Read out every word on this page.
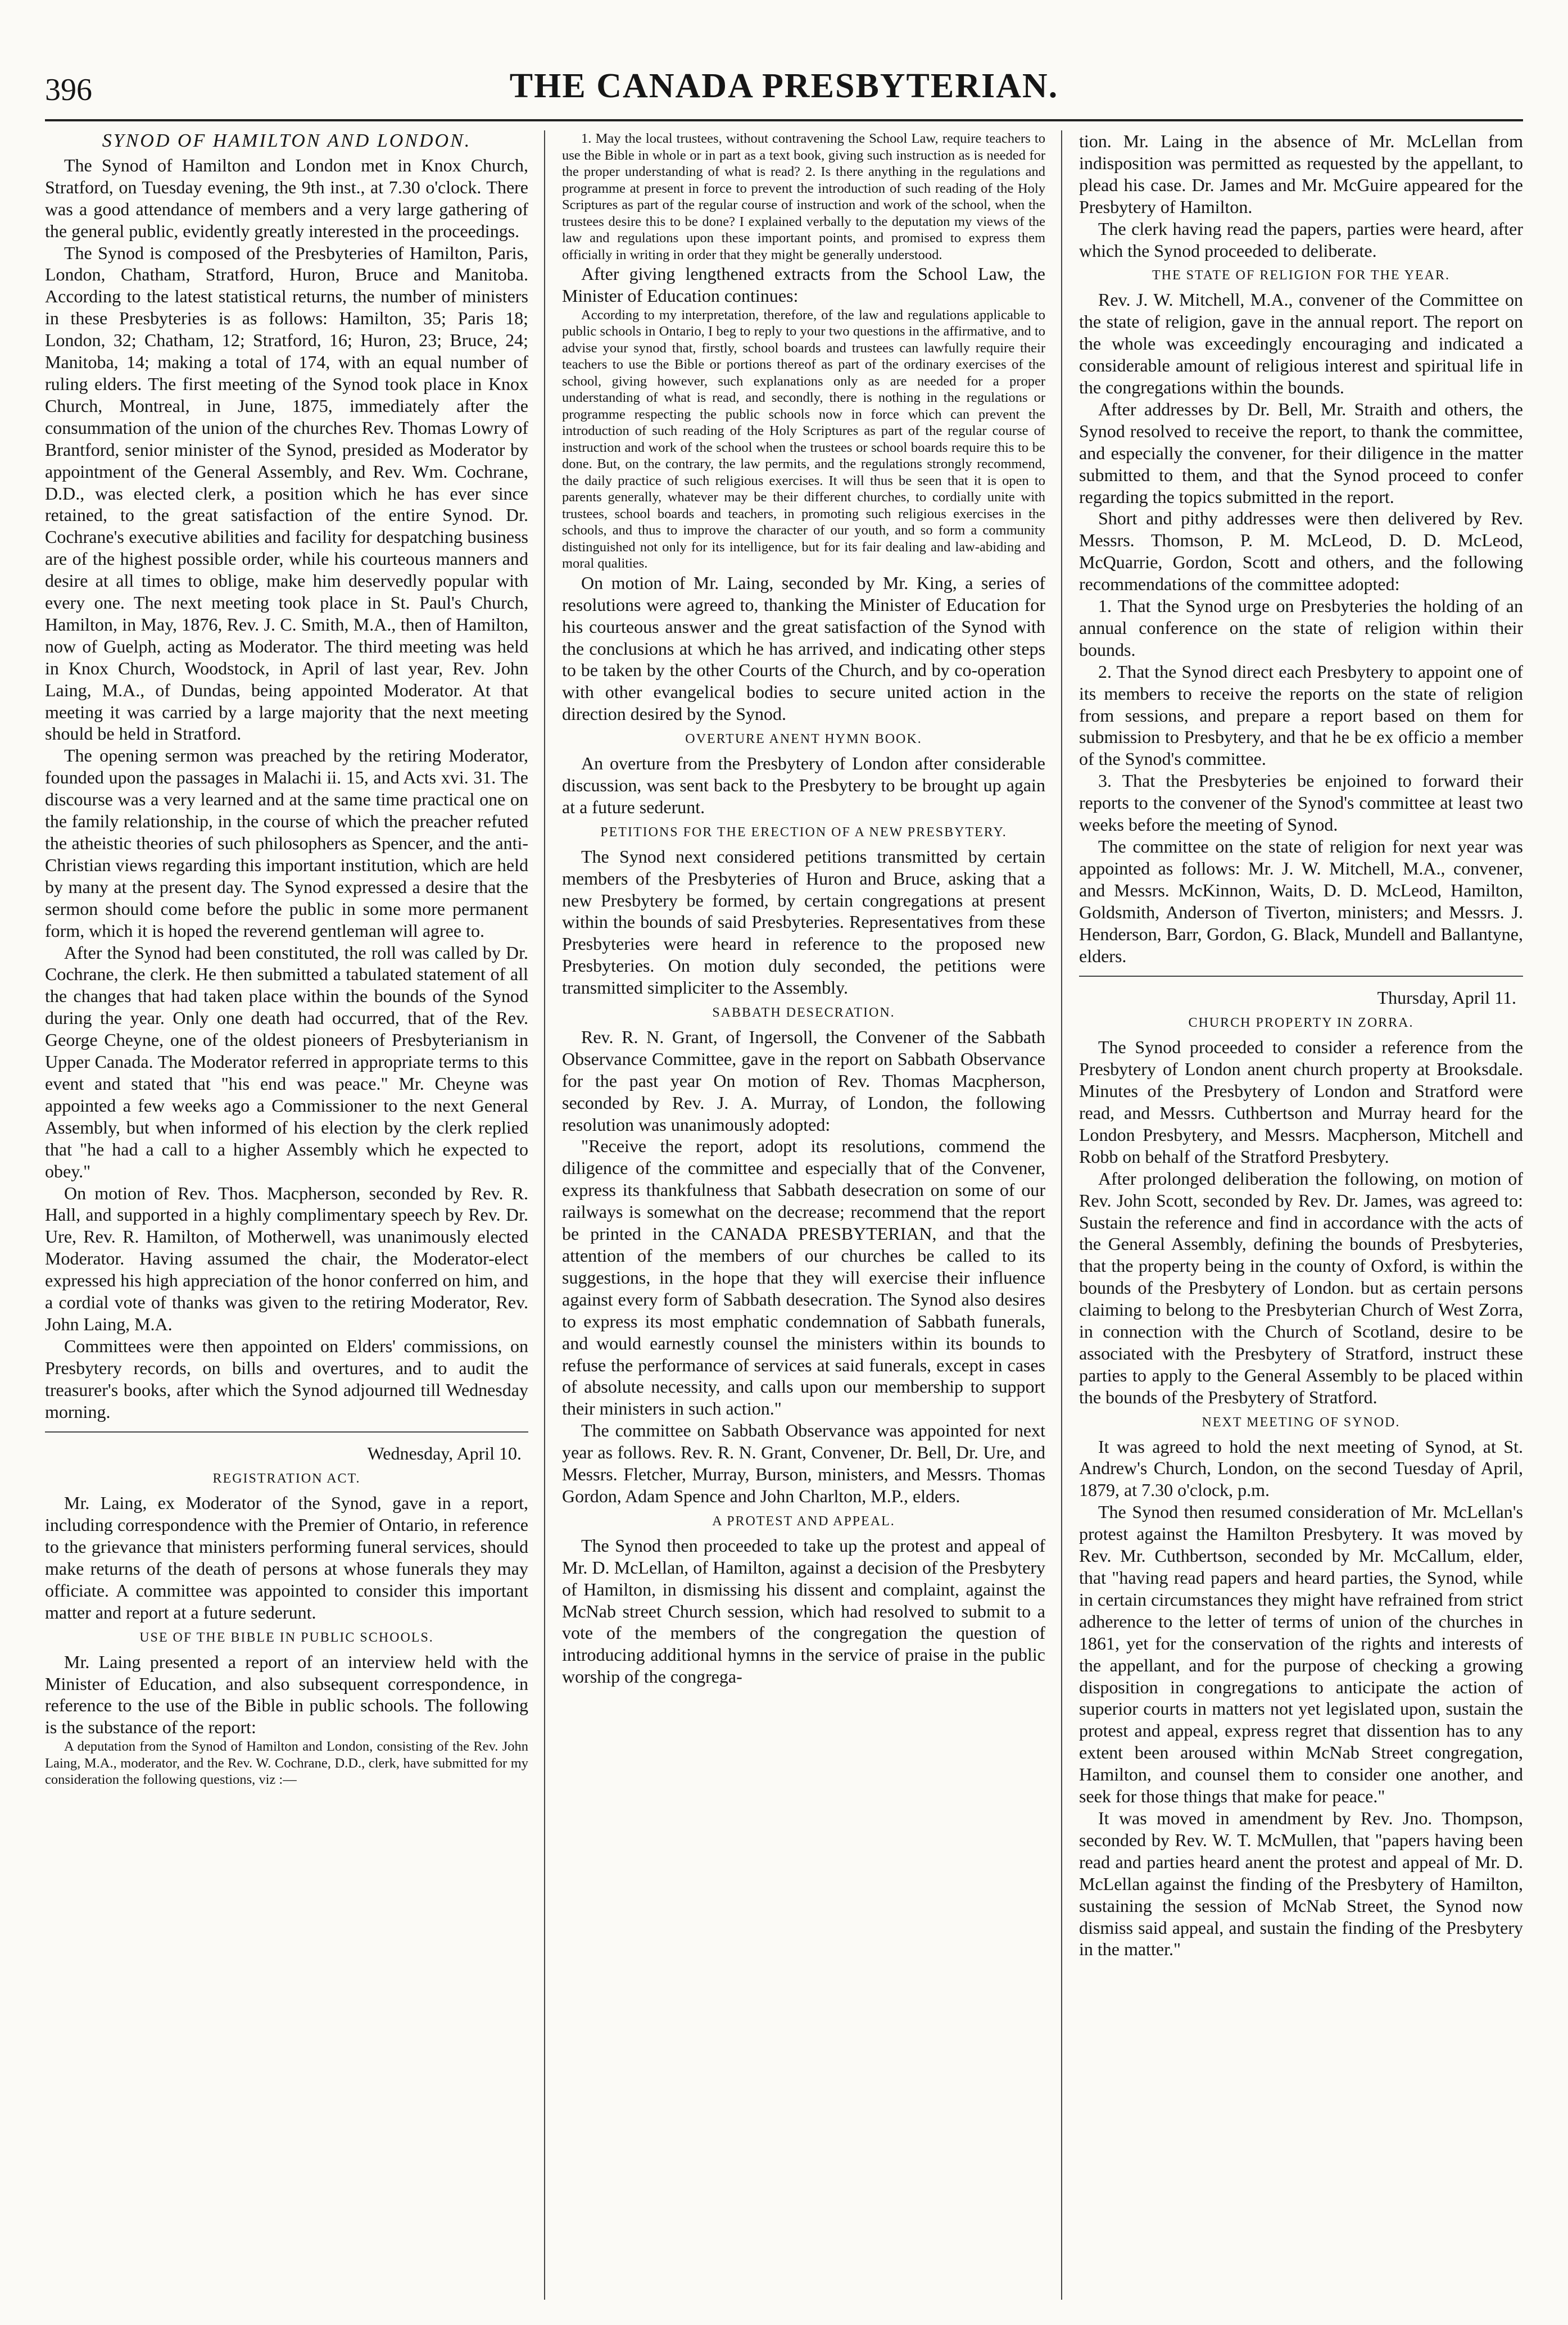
396	THE CANADA PRESBYTERIAN.

SYNOD OF HAMILTON AND LONDON.

The Synod of Hamilton and London met in Knox Church, Stratford, on Tuesday evening, the 9th inst., at 7.30 o'clock. There was a good attendance of members and a very large gathering of the general public, evidently greatly interested in the proceedings.

The Synod is composed of the Presbyteries of Hamilton, Paris, London, Chatham, Stratford, Huron, Bruce and Manitoba. According to the latest statistical returns, the number of ministers in these Presbyteries is as follows: Hamilton, 35; Paris 18; London, 32; Chatham, 12; Stratford, 16; Huron, 23; Bruce, 24; Manitoba, 14; making a total of 174, with an equal number of ruling elders. The first meeting of the Synod took place in Knox Church, Montreal, in June, 1875, immediately after the consummation of the union of the churches Rev. Thomas Lowry of Brantford, senior minister of the Synod, presided as Moderator by appointment of the General Assembly, and Rev. Wm. Cochrane, D.D., was elected clerk, a position which he has ever since retained, to the great satisfaction of the entire Synod. Dr. Cochrane's executive abilities and facility for despatching business are of the highest possible order, while his courteous manners and desire at all times to oblige, make him deservedly popular with every one. The next meeting took place in St. Paul's Church, Hamilton, in May, 1876, Rev. J. C. Smith, M.A., then of Hamilton, now of Guelph, acting as Moderator. The third meeting was held in Knox Church, Woodstock, in April of last year, Rev. John Laing, M.A., of Dundas, being appointed Moderator. At that meeting it was carried by a large majority that the next meeting should be held in Stratford.

The opening sermon was preached by the retiring Moderator, founded upon the passages in Malachi ii. 15, and Acts xvi. 31. The discourse was a very learned and at the same time practical one on the family relationship, in the course of which the preacher refuted the atheistic theories of such philosophers as Spencer, and the anti-Christian views regarding this important institution, which are held by many at the present day. The Synod expressed a desire that the sermon should come before the public in some more permanent form, which it is hoped the reverend gentleman will agree to.

After the Synod had been constituted, the roll was called by Dr. Cochrane, the clerk. He then submitted a tabulated statement of all the changes that had taken place within the bounds of the Synod during the year. Only one death had occurred, that of the Rev. George Cheyne, one of the oldest pioneers of Presbyterianism in Upper Canada. The Moderator referred in appropriate terms to this event and stated that "his end was peace." Mr. Cheyne was appointed a few weeks ago a Commissioner to the next General Assembly, but when informed of his election by the clerk replied that "he had a call to a higher Assembly which he expected to obey."

On motion of Rev. Thos. Macpherson, seconded by Rev. R. Hall, and supported in a highly complimentary speech by Rev. Dr. Ure, Rev. R. Hamilton, of Motherwell, was unanimously elected Moderator. Having assumed the chair, the Moderator-elect expressed his high appreciation of the honor conferred on him, and a cordial vote of thanks was given to the retiring Moderator, Rev. John Laing, M.A.

Committees were then appointed on Elders' commissions, on Presbytery records, on bills and overtures, and to audit the treasurer's books, after which the Synod adjourned till Wednesday morning.

Wednesday, April 10.

REGISTRATION ACT.

Mr. Laing, ex Moderator of the Synod, gave in a report, including correspondence with the Premier of Ontario, in reference to the grievance that ministers performing funeral services, should make returns of the death of persons at whose funerals they may officiate. A committee was appointed to consider this important matter and report at a future sederunt.

USE OF THE BIBLE IN PUBLIC SCHOOLS.

Mr. Laing presented a report of an interview held with the Minister of Education, and also subsequent correspondence, in reference to the use of the Bible in public schools. The following is the substance of the report:

A deputation from the Synod of Hamilton and London, consisting of the Rev. John Laing, M.A., moderator, and the Rev. W. Cochrane, D.D., clerk, have submitted for my consideration the following questions, viz :—

1. May the local trustees, without contravening the School Law, require teachers to use the Bible in whole or in part as a text book, giving such instruction as is needed for the proper understanding of what is read? 2. Is there anything in the regulations and programme at present in force to prevent the introduction of such reading of the Holy Scriptures as part of the regular course of instruction and work of the school, when the trustees desire this to be done? I explained verbally to the deputation my views of the law and regulations upon these important points, and promised to express them officially in writing in order that they might be generally understood.

After giving lengthened extracts from the School Law, the Minister of Education continues:

According to my interpretation, therefore, of the law and regulations applicable to public schools in Ontario, I beg to reply to your two questions in the affirmative, and to advise your synod that, firstly, school boards and trustees can lawfully require their teachers to use the Bible or portions thereof as part of the ordinary exercises of the school, giving however, such explanations only as are needed for a proper understanding of what is read, and secondly, there is nothing in the regulations or programme respecting the public schools now in force which can prevent the introduction of such reading of the Holy Scriptures as part of the regular course of instruction and work of the school when the trustees or school boards require this to be done. But, on the contrary, the law permits, and the regulations strongly recommend, the daily practice of such religious exercises. It will thus be seen that it is open to parents generally, whatever may be their different churches, to cordially unite with trustees, school boards and teachers, in promoting such religious exercises in the schools, and thus to improve the character of our youth, and so form a community distinguished not only for its intelligence, but for its fair dealing and law-abiding and moral qualities.

On motion of Mr. Laing, seconded by Mr. King, a series of resolutions were agreed to, thanking the Minister of Education for his courteous answer and the great satisfaction of the Synod with the conclusions at which he has arrived, and indicating other steps to be taken by the other Courts of the Church, and by co-operation with other evangelical bodies to secure united action in the direction desired by the Synod.

OVERTURE ANENT HYMN BOOK.

An overture from the Presbytery of London after considerable discussion, was sent back to the Presbytery to be brought up again at a future sederunt.

PETITIONS FOR THE ERECTION OF A NEW PRESBYTERY.

The Synod next considered petitions transmitted by certain members of the Presbyteries of Huron and Bruce, asking that a new Presbytery be formed, by certain congregations at present within the bounds of said Presbyteries. Representatives from these Presbyteries were heard in reference to the proposed new Presbyteries. On motion duly seconded, the petitions were transmitted simpliciter to the Assembly.

SABBATH DESECRATION.

Rev. R. N. Grant, of Ingersoll, the Convener of the Sabbath Observance Committee, gave in the report on Sabbath Observance for the past year On motion of Rev. Thomas Macpherson, seconded by Rev. J. A. Murray, of London, the following resolution was unanimously adopted:

"Receive the report, adopt its resolutions, commend the diligence of the committee and especially that of the Convener, express its thankfulness that Sabbath desecration on some of our railways is somewhat on the decrease; recommend that the report be printed in the CANADA PRESBYTERIAN, and that the attention of the members of our churches be called to its suggestions, in the hope that they will exercise their influence against every form of Sabbath desecration. The Synod also desires to express its most emphatic condemnation of Sabbath funerals, and would earnestly counsel the ministers within its bounds to refuse the performance of services at said funerals, except in cases of absolute necessity, and calls upon our membership to support their ministers in such action."

The committee on Sabbath Observance was appointed for next year as follows. Rev. R. N. Grant, Convener, Dr. Bell, Dr. Ure, and Messrs. Fletcher, Murray, Burson, ministers, and Messrs. Thomas Gordon, Adam Spence and John Charlton, M.P., elders.

A PROTEST AND APPEAL.

The Synod then proceeded to take up the protest and appeal of Mr. D. McLellan, of Hamilton, against a decision of the Presbytery of Hamilton, in dismissing his dissent and complaint, against the McNab street Church session, which had resolved to submit to a vote of the members of the congregation the question of introducing additional hymns in the service of praise in the public worship of the congrega-

tion. Mr. Laing in the absence of Mr. McLellan from indisposition was permitted as requested by the appellant, to plead his case. Dr. James and Mr. McGuire appeared for the Presbytery of Hamilton.

The clerk having read the papers, parties were heard, after which the Synod proceeded to deliberate.

THE STATE OF RELIGION FOR THE YEAR.

Rev. J. W. Mitchell, M.A., convener of the Committee on the state of religion, gave in the annual report. The report on the whole was exceedingly encouraging and indicated a considerable amount of religious interest and spiritual life in the congregations within the bounds.

After addresses by Dr. Bell, Mr. Straith and others, the Synod resolved to receive the report, to thank the committee, and especially the convener, for their diligence in the matter submitted to them, and that the Synod proceed to confer regarding the topics submitted in the report.

Short and pithy addresses were then delivered by Rev. Messrs. Thomson, P. M. McLeod, D. D. McLeod, McQuarrie, Gordon, Scott and others, and the following recommendations of the committee adopted:

1. That the Synod urge on Presbyteries the holding of an annual conference on the state of religion within their bounds.

2. That the Synod direct each Presbytery to appoint one of its members to receive the reports on the state of religion from sessions, and prepare a report based on them for submission to Presbytery, and that he be ex officio a member of the Synod's committee.

3. That the Presbyteries be enjoined to forward their reports to the convener of the Synod's committee at least two weeks before the meeting of Synod.

The committee on the state of religion for next year was appointed as follows: Mr. J. W. Mitchell, M.A., convener, and Messrs. McKinnon, Waits, D. D. McLeod, Hamilton, Goldsmith, Anderson of Tiverton, ministers; and Messrs. J. Henderson, Barr, Gordon, G. Black, Mundell and Ballantyne, elders.

Thursday, April 11.

CHURCH PROPERTY IN ZORRA.

The Synod proceeded to consider a reference from the Presbytery of London anent church property at Brooksdale. Minutes of the Presbytery of London and Stratford were read, and Messrs. Cuthbertson and Murray heard for the London Presbytery, and Messrs. Macpherson, Mitchell and Robb on behalf of the Stratford Presbytery.

After prolonged deliberation the following, on motion of Rev. John Scott, seconded by Rev. Dr. James, was agreed to: Sustain the reference and find in accordance with the acts of the General Assembly, defining the bounds of Presbyteries, that the property being in the county of Oxford, is within the bounds of the Presbytery of London. but as certain persons claiming to belong to the Presbyterian Church of West Zorra, in connection with the Church of Scotland, desire to be associated with the Presbytery of Stratford, instruct these parties to apply to the General Assembly to be placed within the bounds of the Presbytery of Stratford.

NEXT MEETING OF SYNOD.

It was agreed to hold the next meeting of Synod, at St. Andrew's Church, London, on the second Tuesday of April, 1879, at 7.30 o'clock, p.m.

The Synod then resumed consideration of Mr. McLellan's protest against the Hamilton Presbytery. It was moved by Rev. Mr. Cuthbertson, seconded by Mr. McCallum, elder, that "having read papers and heard parties, the Synod, while in certain circumstances they might have refrained from strict adherence to the letter of terms of union of the churches in 1861, yet for the conservation of the rights and interests of the appellant, and for the purpose of checking a growing disposition in congregations to anticipate the action of superior courts in matters not yet legislated upon, sustain the protest and appeal, express regret that dissention has to any extent been aroused within McNab Street congregation, Hamilton, and counsel them to consider one another, and seek for those things that make for peace."

It was moved in amendment by Rev. Jno. Thompson, seconded by Rev. W. T. McMullen, that "papers having been read and parties heard anent the protest and appeal of Mr. D. McLellan against the finding of the Presbytery of Hamilton, sustaining the session of McNab Street, the Synod now dismiss said appeal, and sustain the finding of the Presbytery in the matter."
